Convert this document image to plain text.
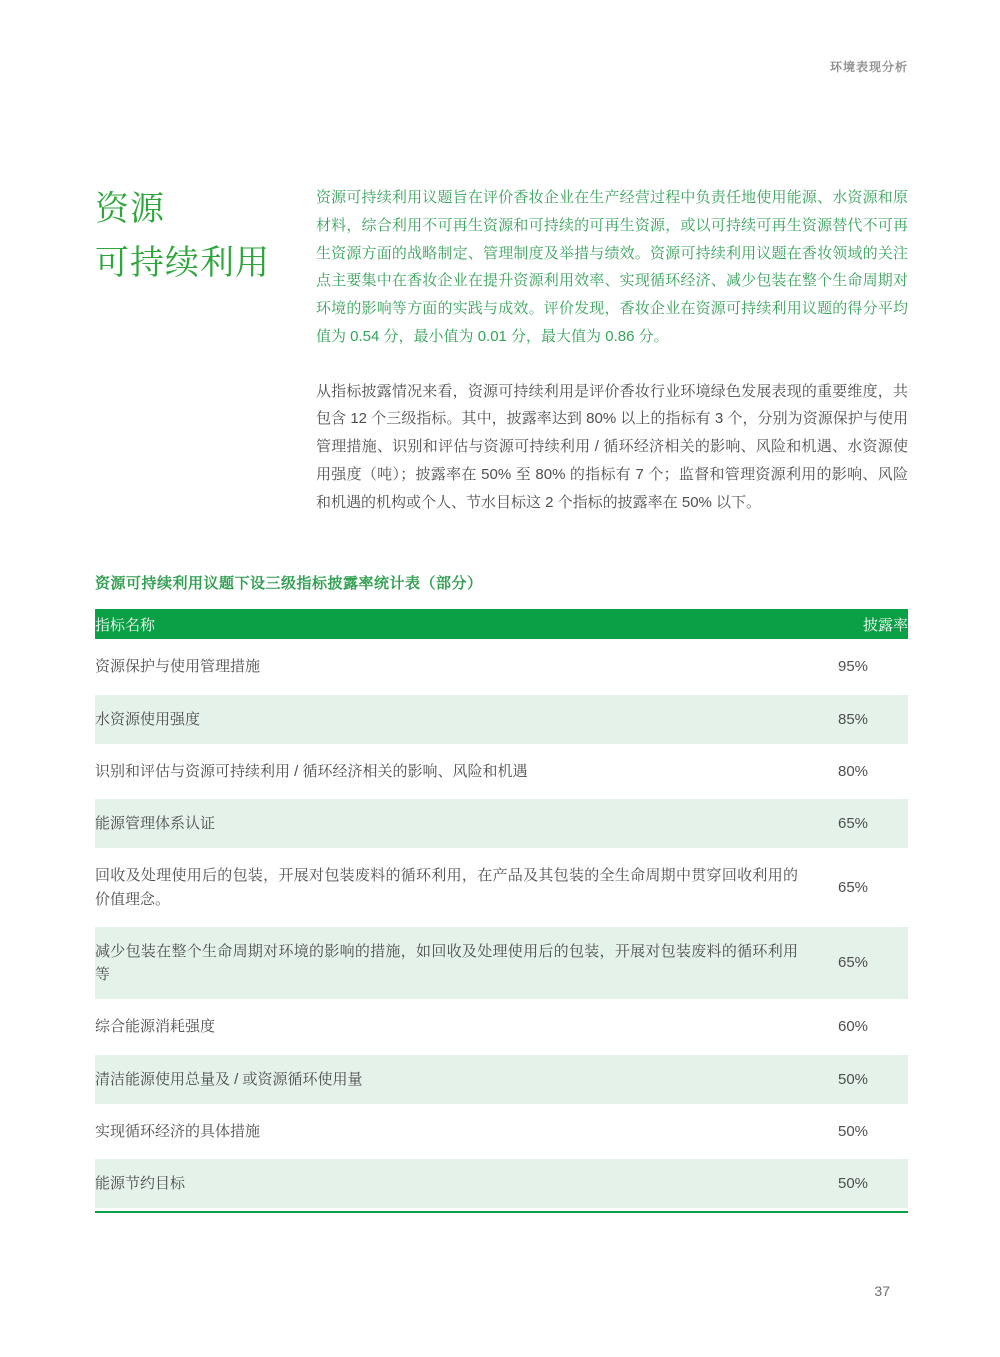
环境表现分析
资源
可持续利用

资源可持续利用议题旨在评价香妆企业在生产经营过程中负责任地使用能源、水资源和原材料，综合利用不可再生资源和可持续的可再生资源，或以可持续可再生资源替代不可再生资源方面的战略制定、管理制度及举措与绩效。资源可持续利用议题在香妆领域的关注点主要集中在香妆企业在提升资源利用效率、实现循环经济、减少包装在整个生命周期对环境的影响等方面的实践与成效。评价发现，香妆企业在资源可持续利用议题的得分平均值为 0.54 分，最小值为 0.01 分，最大值为 0.86 分。

从指标披露情况来看，资源可持续利用是评价香妆行业环境绿色发展表现的重要维度，共包含 12 个三级指标。其中，披露率达到 80% 以上的指标有 3 个，分别为资源保护与使用管理措施、识别和评估与资源可持续利用 / 循环经济相关的影响、风险和机遇、水资源使用强度（吨）；披露率在 50% 至 80% 的指标有 7 个；监督和管理资源利用的影响、风险和机遇的机构或个人、节水目标这 2 个指标的披露率在 50% 以下。

资源可持续利用议题下设三级指标披露率统计表（部分）
指标名称	披露率
资源保护与使用管理措施	95%
水资源使用强度	85%
识别和评估与资源可持续利用 / 循环经济相关的影响、风险和机遇	80%
能源管理体系认证	65%
回收及处理使用后的包装，开展对包装废料的循环利用，在产品及其包装的全生命周期中贯穿回收利用的价值理念。	65%
减少包装在整个生命周期对环境的影响的措施，如回收及处理使用后的包装，开展对包装废料的循环利用等	65%
综合能源消耗强度	60%
清洁能源使用总量及 / 或资源循环使用量	50%
实现循环经济的具体措施	50%
能源节约目标	50%
37
